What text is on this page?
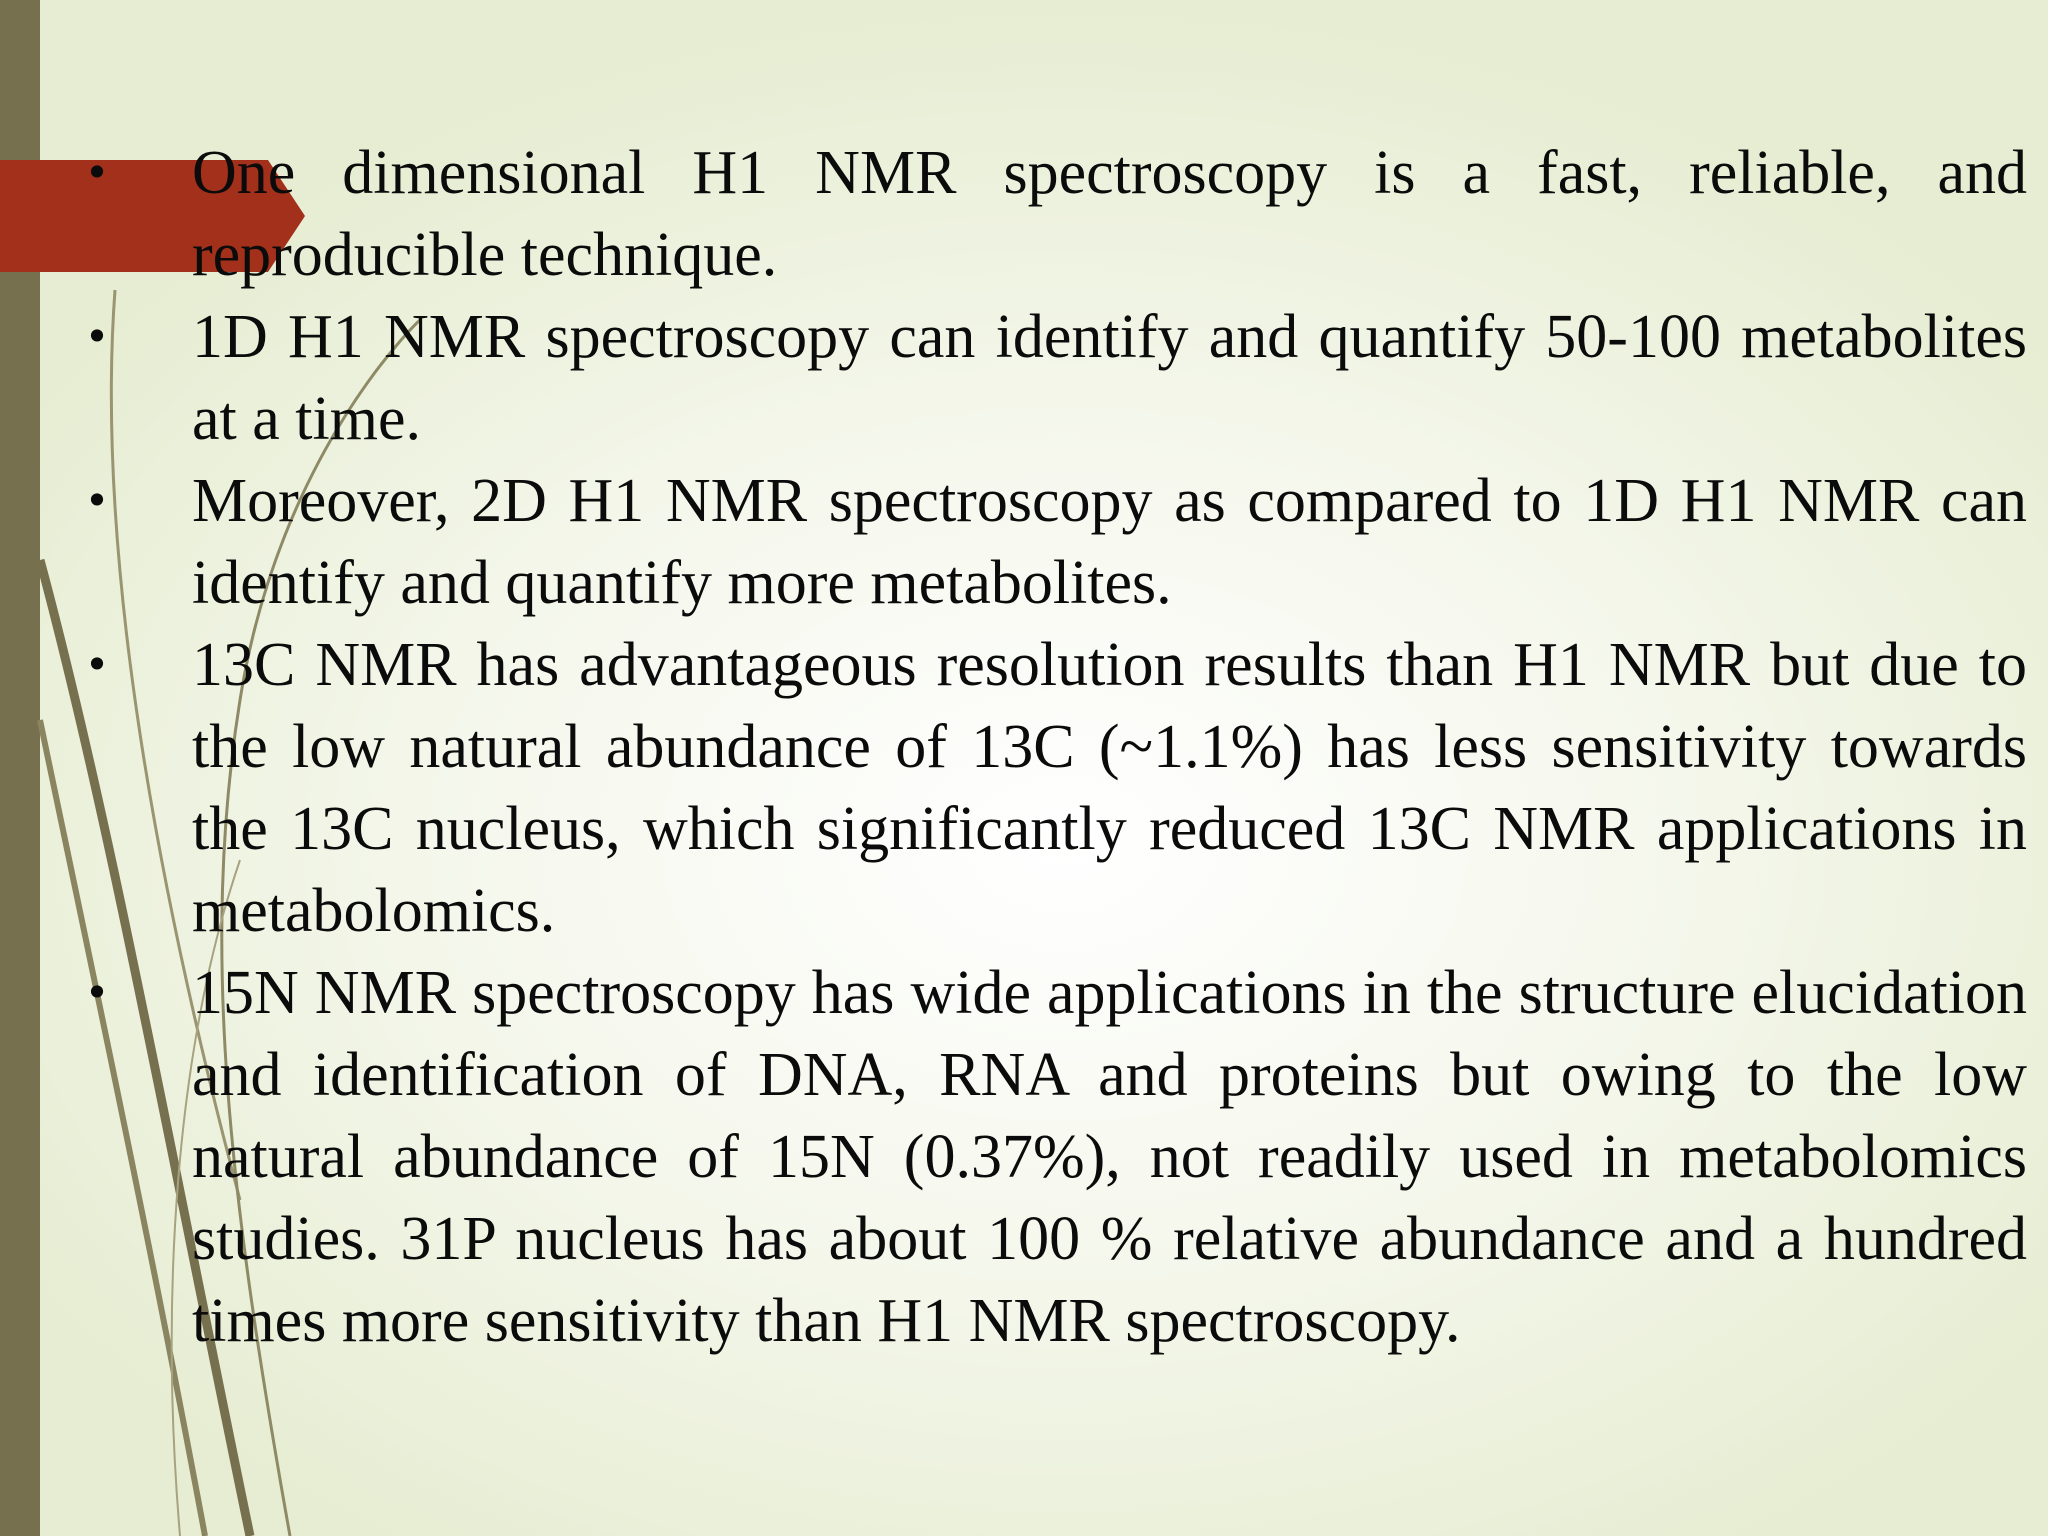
• One dimensional H1 NMR spectroscopy is a fast, reliable, and reproducible technique.
• 1D H1 NMR spectroscopy can identify and quantify 50-100 metabolites at a time.
• Moreover, 2D H1 NMR spectroscopy as compared to 1D H1 NMR can identify and quantify more metabolites.
• 13C NMR has advantageous resolution results than H1 NMR but due to the low natural abundance of 13C (~1.1%) has less sensitivity towards the 13C nucleus, which significantly reduced 13C NMR applications in metabolomics.
• 15N NMR spectroscopy has wide applications in the structure elucidation and identification of DNA, RNA and proteins but owing to the low natural abundance of 15N (0.37%), not readily used in metabolomics studies. 31P nucleus has about 100 % relative abundance and a hundred times more sensitivity than H1 NMR spectroscopy.
